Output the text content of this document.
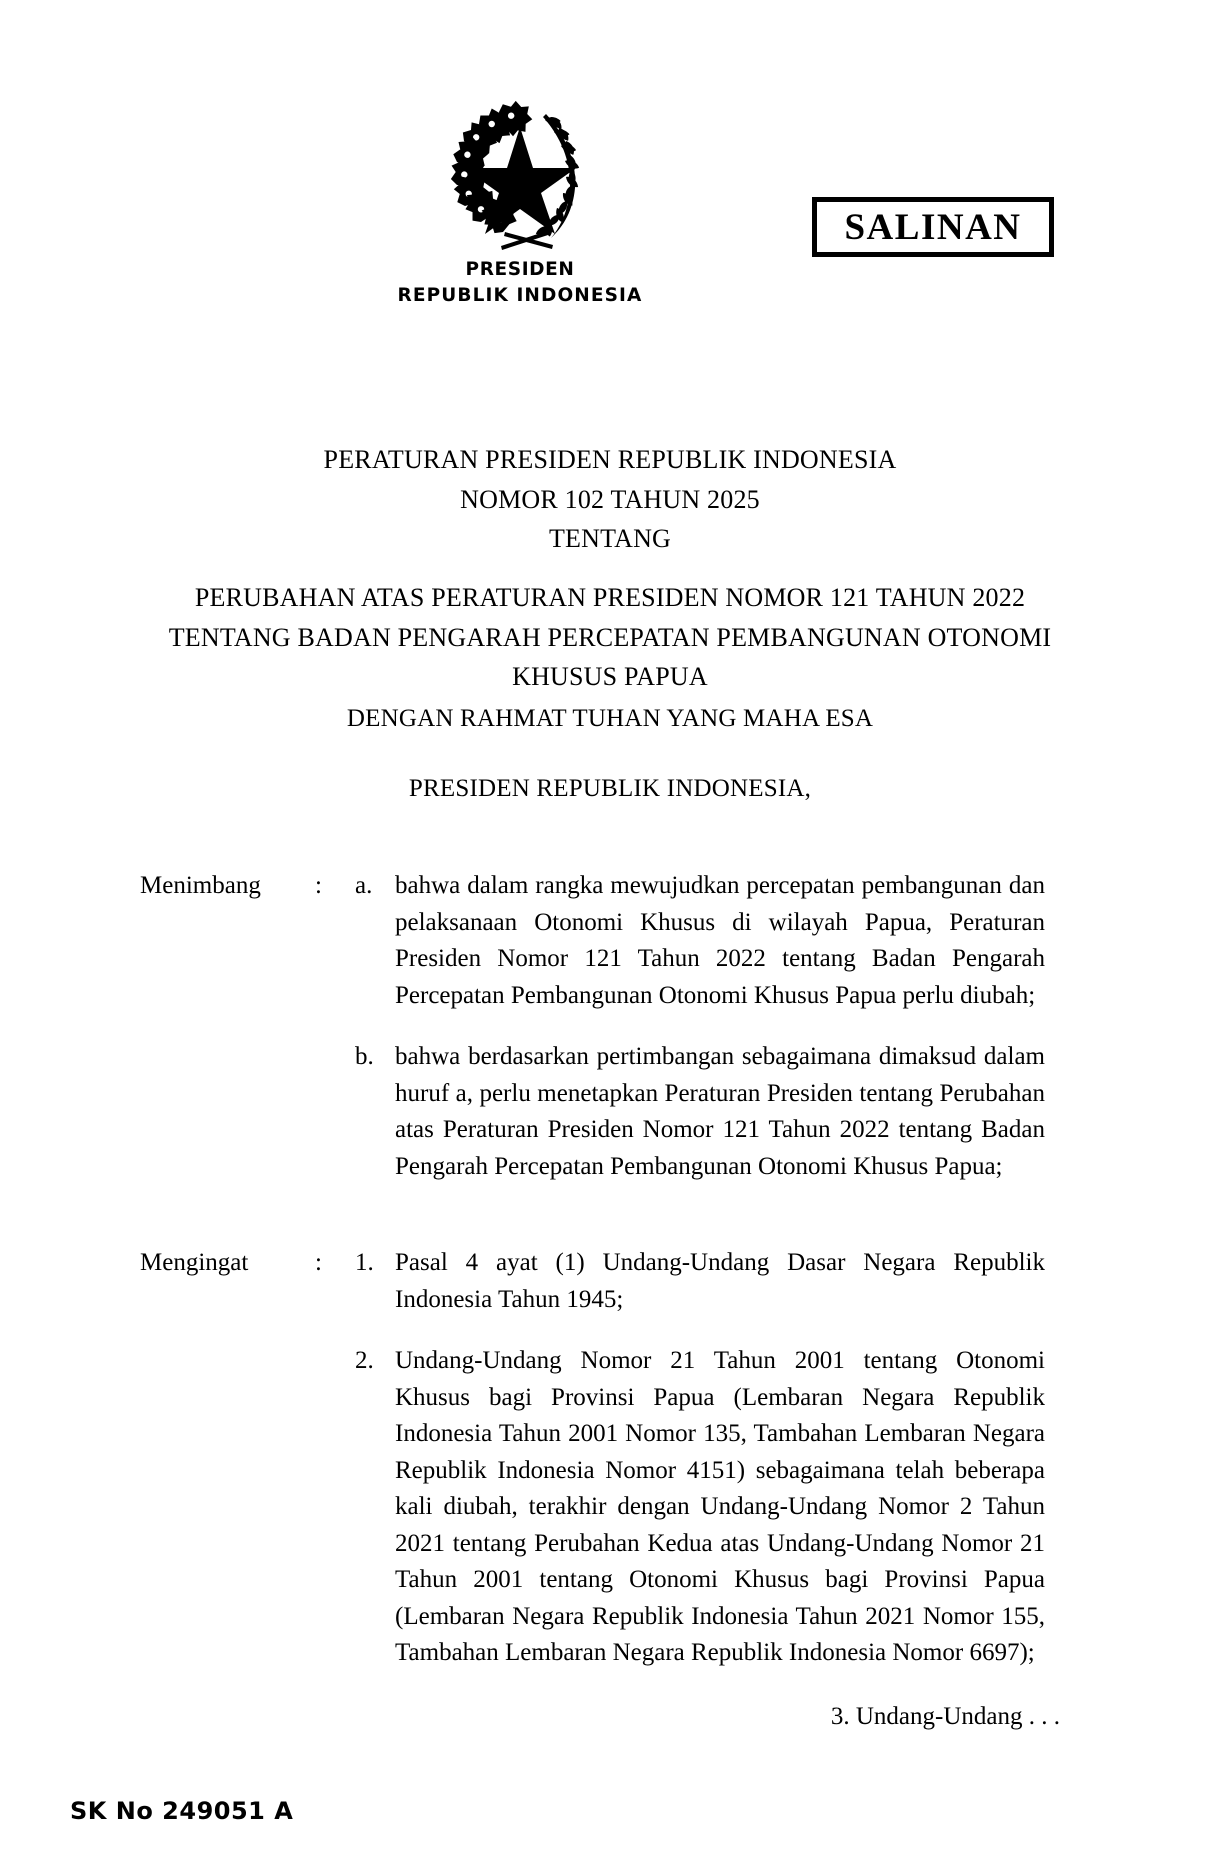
SALINAN
PRESIDEN
REPUBLIK INDONESIA
PERATURAN PRESIDEN REPUBLIK INDONESIA
NOMOR 102 TAHUN 2025
TENTANG
PERUBAHAN ATAS PERATURAN PRESIDEN NOMOR 121 TAHUN 2022
TENTANG BADAN PENGARAH PERCEPATAN PEMBANGUNAN OTONOMI
KHUSUS PAPUA
DENGAN RAHMAT TUHAN YANG MAHA ESA
PRESIDEN REPUBLIK INDONESIA,
Menimbang	:	a. bahwa dalam rangka mewujudkan percepatan pembangunan dan pelaksanaan Otonomi Khusus di wilayah Papua, Peraturan Presiden Nomor 121 Tahun 2022 tentang Badan Pengarah Percepatan Pembangunan Otonomi Khusus Papua perlu diubah;
b. bahwa berdasarkan pertimbangan sebagaimana dimaksud dalam huruf a, perlu menetapkan Peraturan Presiden tentang Perubahan atas Peraturan Presiden Nomor 121 Tahun 2022 tentang Badan Pengarah Percepatan Pembangunan Otonomi Khusus Papua;
Mengingat	:	1. Pasal 4 ayat (1) Undang-Undang Dasar Negara Republik Indonesia Tahun 1945;
2. Undang-Undang Nomor 21 Tahun 2001 tentang Otonomi Khusus bagi Provinsi Papua (Lembaran Negara Republik Indonesia Tahun 2001 Nomor 135, Tambahan Lembaran Negara Republik Indonesia Nomor 4151) sebagaimana telah beberapa kali diubah, terakhir dengan Undang-Undang Nomor 2 Tahun 2021 tentang Perubahan Kedua atas Undang-Undang Nomor 21 Tahun 2001 tentang Otonomi Khusus bagi Provinsi Papua (Lembaran Negara Republik Indonesia Tahun 2021 Nomor 155, Tambahan Lembaran Negara Republik Indonesia Nomor 6697);
3. Undang-Undang . . .
SK No 249051 A
